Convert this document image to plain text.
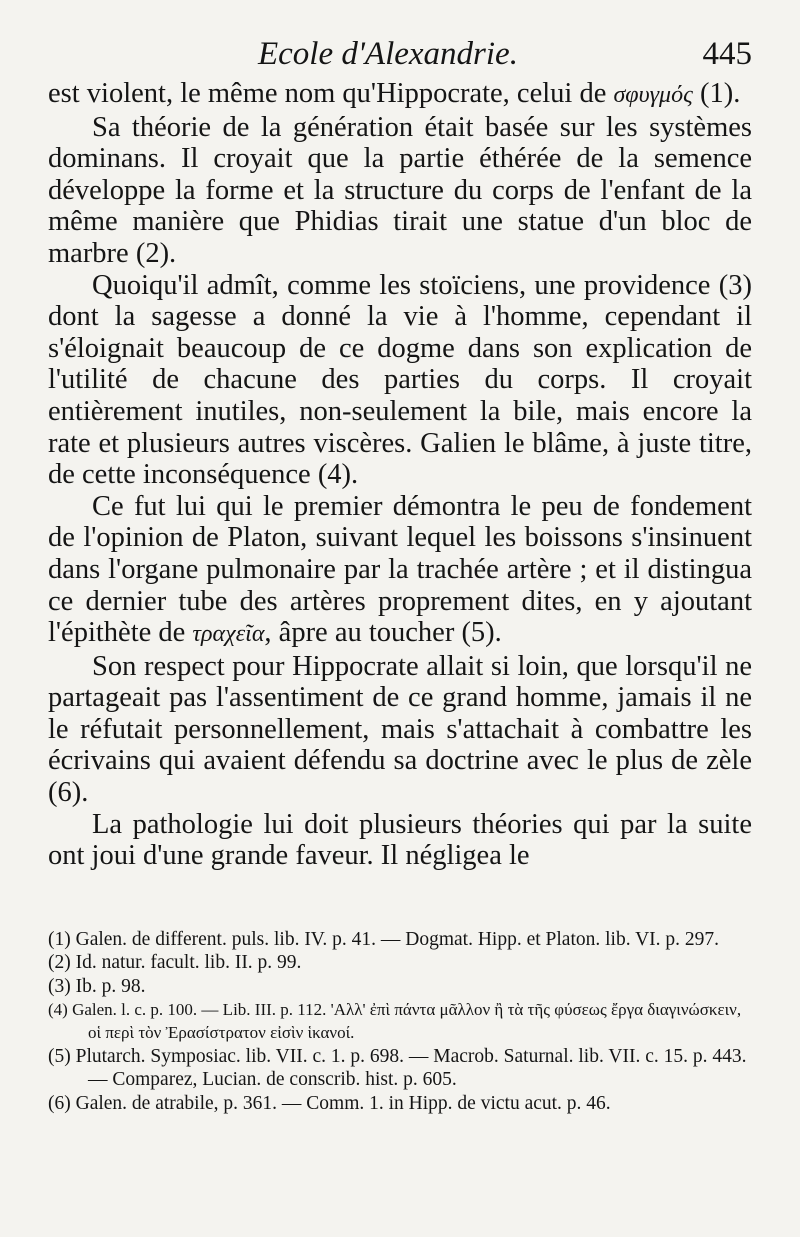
Ecole d'Alexandrie.	445

est violent, le même nom qu'Hippocrate, celui de σφυγμός (1).

Sa théorie de la génération était basée sur les systèmes dominans. Il croyait que la partie éthérée de la semence développe la forme et la structure du corps de l'enfant de la même manière que Phidias tirait une statue d'un bloc de marbre (2).

Quoiqu'il admît, comme les stoïciens, une providence (3) dont la sagesse a donné la vie à l'homme, cependant il s'éloignait beaucoup de ce dogme dans son explication de l'utilité de chacune des parties du corps. Il croyait entièrement inutiles, non-seulement la bile, mais encore la rate et plusieurs autres viscères. Galien le blâme, à juste titre, de cette inconséquence (4).

Ce fut lui qui le premier démontra le peu de fondement de l'opinion de Platon, suivant lequel les boissons s'insinuent dans l'organe pulmonaire par la trachée artère ; et il distingua ce dernier tube des artères proprement dites, en y ajoutant l'épithète de τραχεῖα, âpre au toucher (5).

Son respect pour Hippocrate allait si loin, que lorsqu'il ne partageait pas l'assentiment de ce grand homme, jamais il ne le réfutait personnellement, mais s'attachait à combattre les écrivains qui avaient défendu sa doctrine avec le plus de zèle (6).

La pathologie lui doit plusieurs théories qui par la suite ont joui d'une grande faveur. Il négligea le

(1) Galen. de different. puls. lib. IV. p. 41. — Dogmat. Hipp. et Platon. lib. VI. p. 297.

(2) Id. natur. facult. lib. II. p. 99.

(3) Ib. p. 98.

(4) Galen. l. c. p. 100. — Lib. III. p. 112. 'Αλλ' ἐπὶ πάντα μᾶλλον ἢ τὰ τῆς φύσεως ἔργα διαγινώσκειν, οἱ περὶ τὸν Ἐρασίστρατον εἰσὶν ἱκανοί.

(5) Plutarch. Symposiac. lib. VII. c. 1. p. 698. — Macrob. Saturnal. lib. VII. c. 15. p. 443. — Comparez, Lucian. de conscrib. hist. p. 605.

(6) Galen. de atrabile, p. 361. — Comm. 1. in Hipp. de victu acut. p. 46.
